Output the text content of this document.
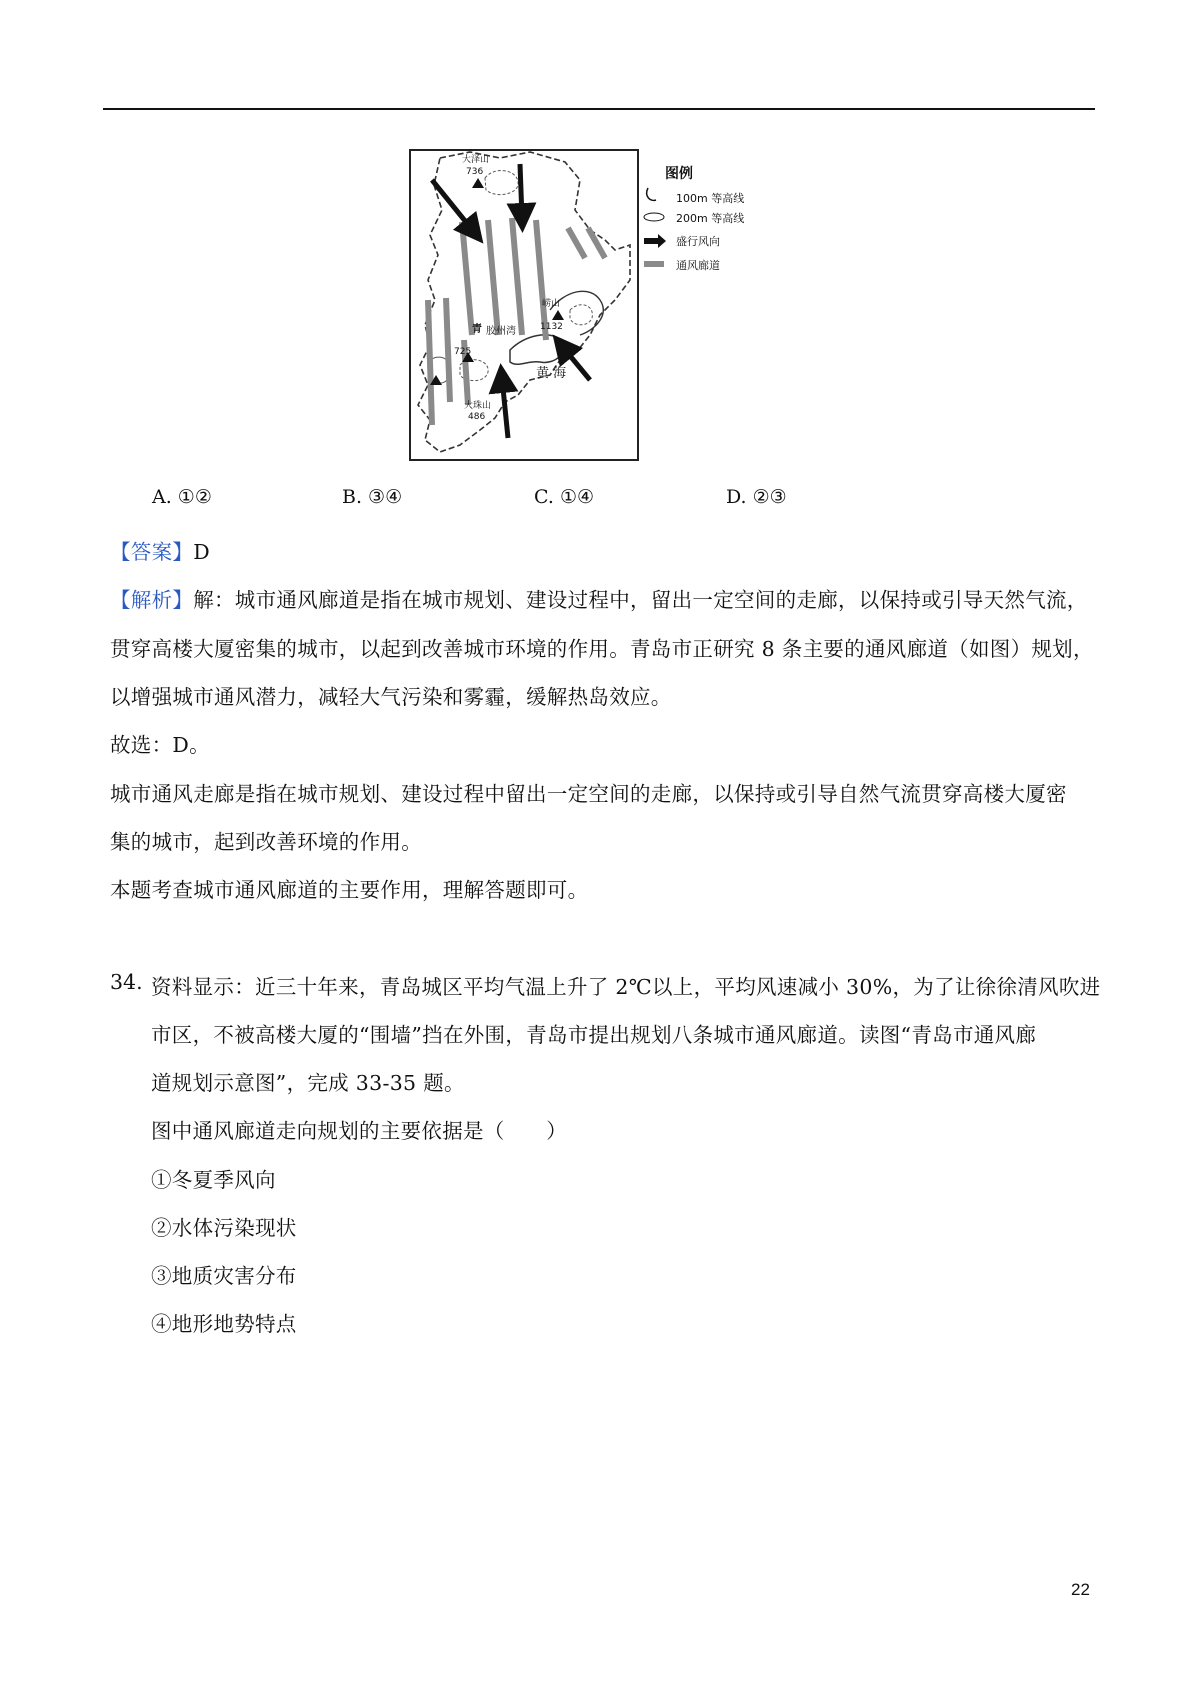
大泽山
736
崂山
1132
725
大珠山
486
胶州湾
青
黄 海
图例
100m 等高线
200m 等高线
盛行风向
通风廊道
A. ①②	B. ③④	C. ①④	D. ②③
【答案】D
【解析】解：城市通风廊道是指在城市规划、建设过程中，留出一定空间的走廊，以保持或引导天然气流，
贯穿高楼大厦密集的城市，以起到改善城市环境的作用。青岛市正研究 8 条主要的通风廊道（如图）规划，
以增强城市通风潜力，减轻大气污染和雾霾，缓解热岛效应。
故选：D。
城市通风走廊是指在城市规划、建设过程中留出一定空间的走廊，以保持或引导自然气流贯穿高楼大厦密
集的城市，起到改善环境的作用。
本题考查城市通风廊道的主要作用，理解答题即可。
34. 资料显示：近三十年来，青岛城区平均气温上升了 2℃以上，平均风速减小 30%，为了让徐徐清风吹进
市区，不被高楼大厦的“围墙”挡在外围，青岛市提出规划八条城市通风廊道。读图“青岛市通风廊
道规划示意图”，完成 33-35 题。
图中通风廊道走向规划的主要依据是（　　）
①冬夏季风向
②水体污染现状
③地质灾害分布
④地形地势特点
22
